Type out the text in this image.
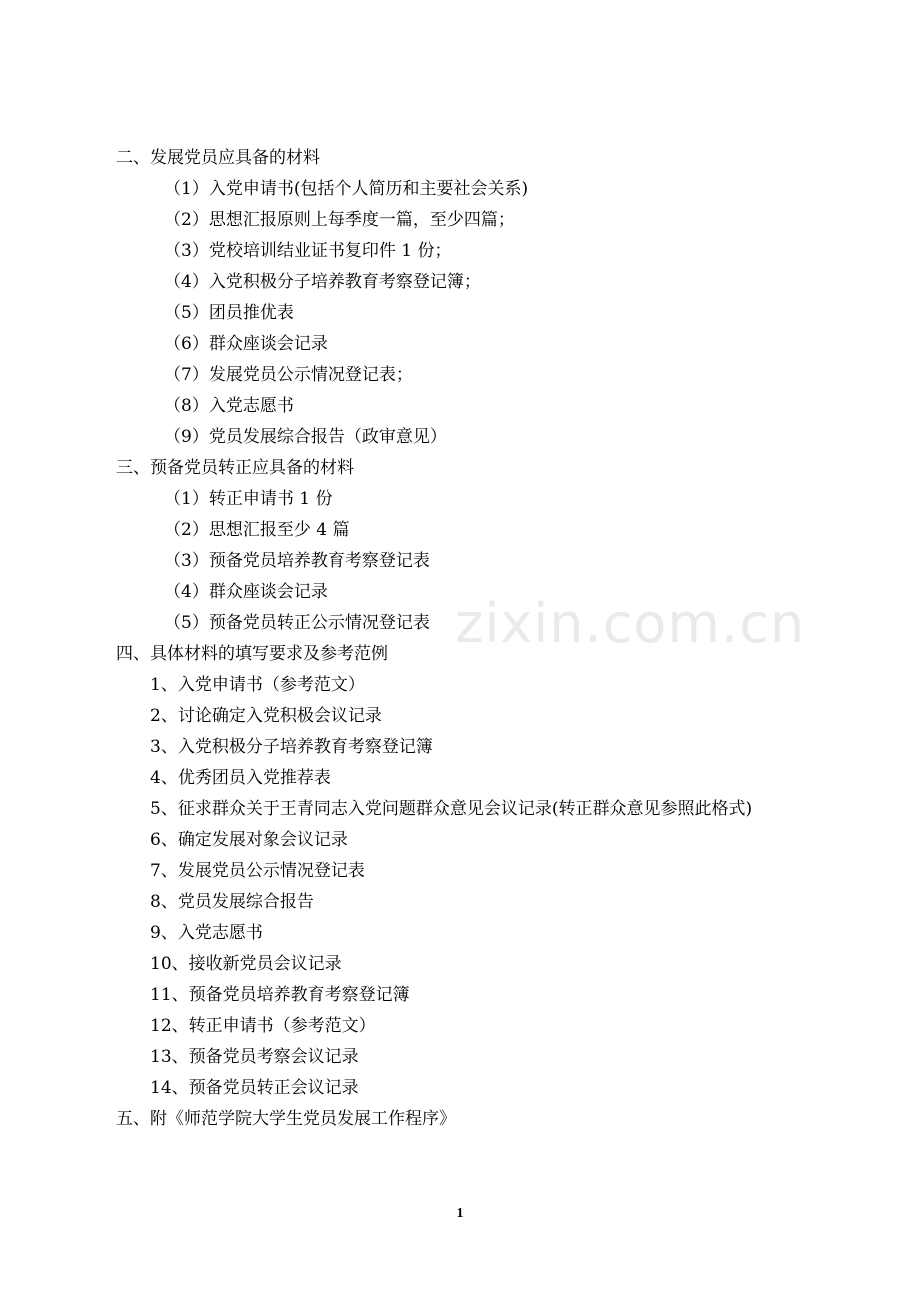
二、发展党员应具备的材料
（1）入党申请书(包括个人简历和主要社会关系)
（2）思想汇报原则上每季度一篇，至少四篇；
（3）党校培训结业证书复印件 1 份；
（4）入党积极分子培养教育考察登记簿；
（5）团员推优表
（6）群众座谈会记录
（7）发展党员公示情况登记表；
（8）入党志愿书
（9）党员发展综合报告（政审意见）
三、预备党员转正应具备的材料
（1）转正申请书 1 份
（2）思想汇报至少 4 篇
（3）预备党员培养教育考察登记表
（4）群众座谈会记录
（5）预备党员转正公示情况登记表
四、具体材料的填写要求及参考范例
1、入党申请书（参考范文）
2、讨论确定入党积极会议记录
3、入党积极分子培养教育考察登记簿
4、优秀团员入党推荐表
5、征求群众关于王青同志入党问题群众意见会议记录(转正群众意见参照此格式)
6、确定发展对象会议记录
7、发展党员公示情况登记表
8、党员发展综合报告
9、入党志愿书
10、接收新党员会议记录
11、预备党员培养教育考察登记簿
12、转正申请书（参考范文）
13、预备党员考察会议记录
14、预备党员转正会议记录
五、附《师范学院大学生党员发展工作程序》
zixin.com.cn
1
